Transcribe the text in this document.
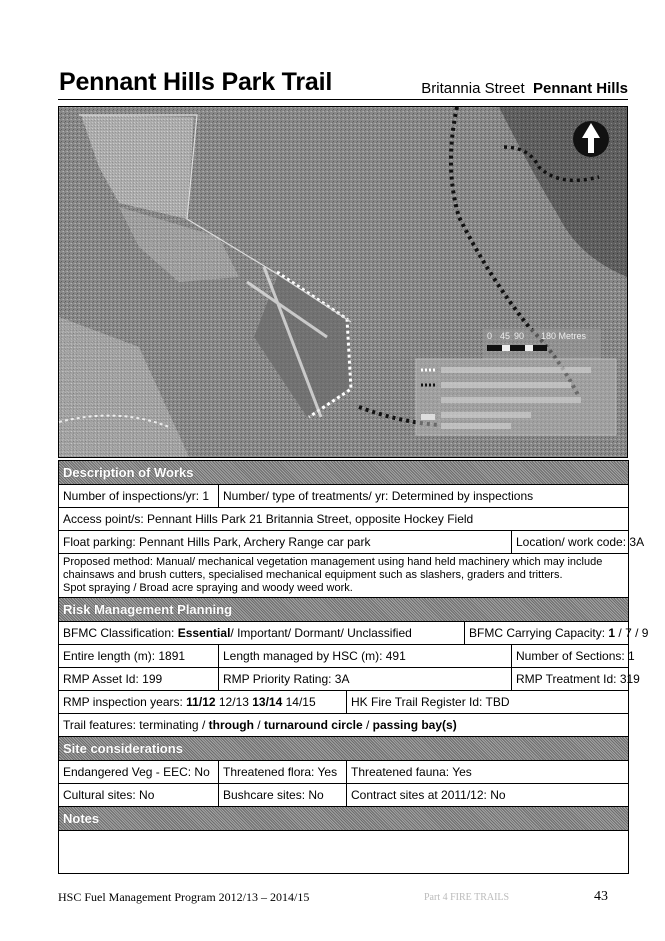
Pennant Hills Park Trail	Britannia Street Pennant Hills
0 45 90 180 Metres
Description of Works				
Number of inspections/yr: 1	Number/ type of treatments/ yr: Determined by inspections			
Access point/s: Pennant Hills Park 21 Britannia Street, opposite Hockey Field				
Float parking: Pennant Hills Park, Archery Range car park				Location/ work code: 3A
Proposed method: Manual/ mechanical vegetation management using hand held machinery which may include chainsaws and brush cutters, specialised mechanical equipment such as slashers, graders and tritters.
Spot spraying / Broad acre spraying and woody weed work.				
Risk Management Planning				
BFMC Classification: Essential/ Important/ Dormant/ Unclassified			BFMC Carrying Capacity: 1 / 7 / 9	
Entire length (m): 1891	Length managed by HSC (m): 491			Number of Sections: 1
RMP Asset Id: 199	RMP Priority Rating: 3A			RMP Treatment Id: 319
RMP inspection years: 11/12 12/13 13/14 14/15		HK Fire Trail Register Id: TBD		
Trail features: terminating / through / turnaround circle / passing bay(s)				
Site considerations				
Endangered Veg - EEC: No	Threatened flora: Yes	Threatened fauna: Yes		
Cultural sites: No	Bushcare sites: No	Contract sites at 2011/12: No		
Notes				

HSC Fuel Management Program 2012/13 – 2014/15	Part 4 FIRE TRAILS	43
